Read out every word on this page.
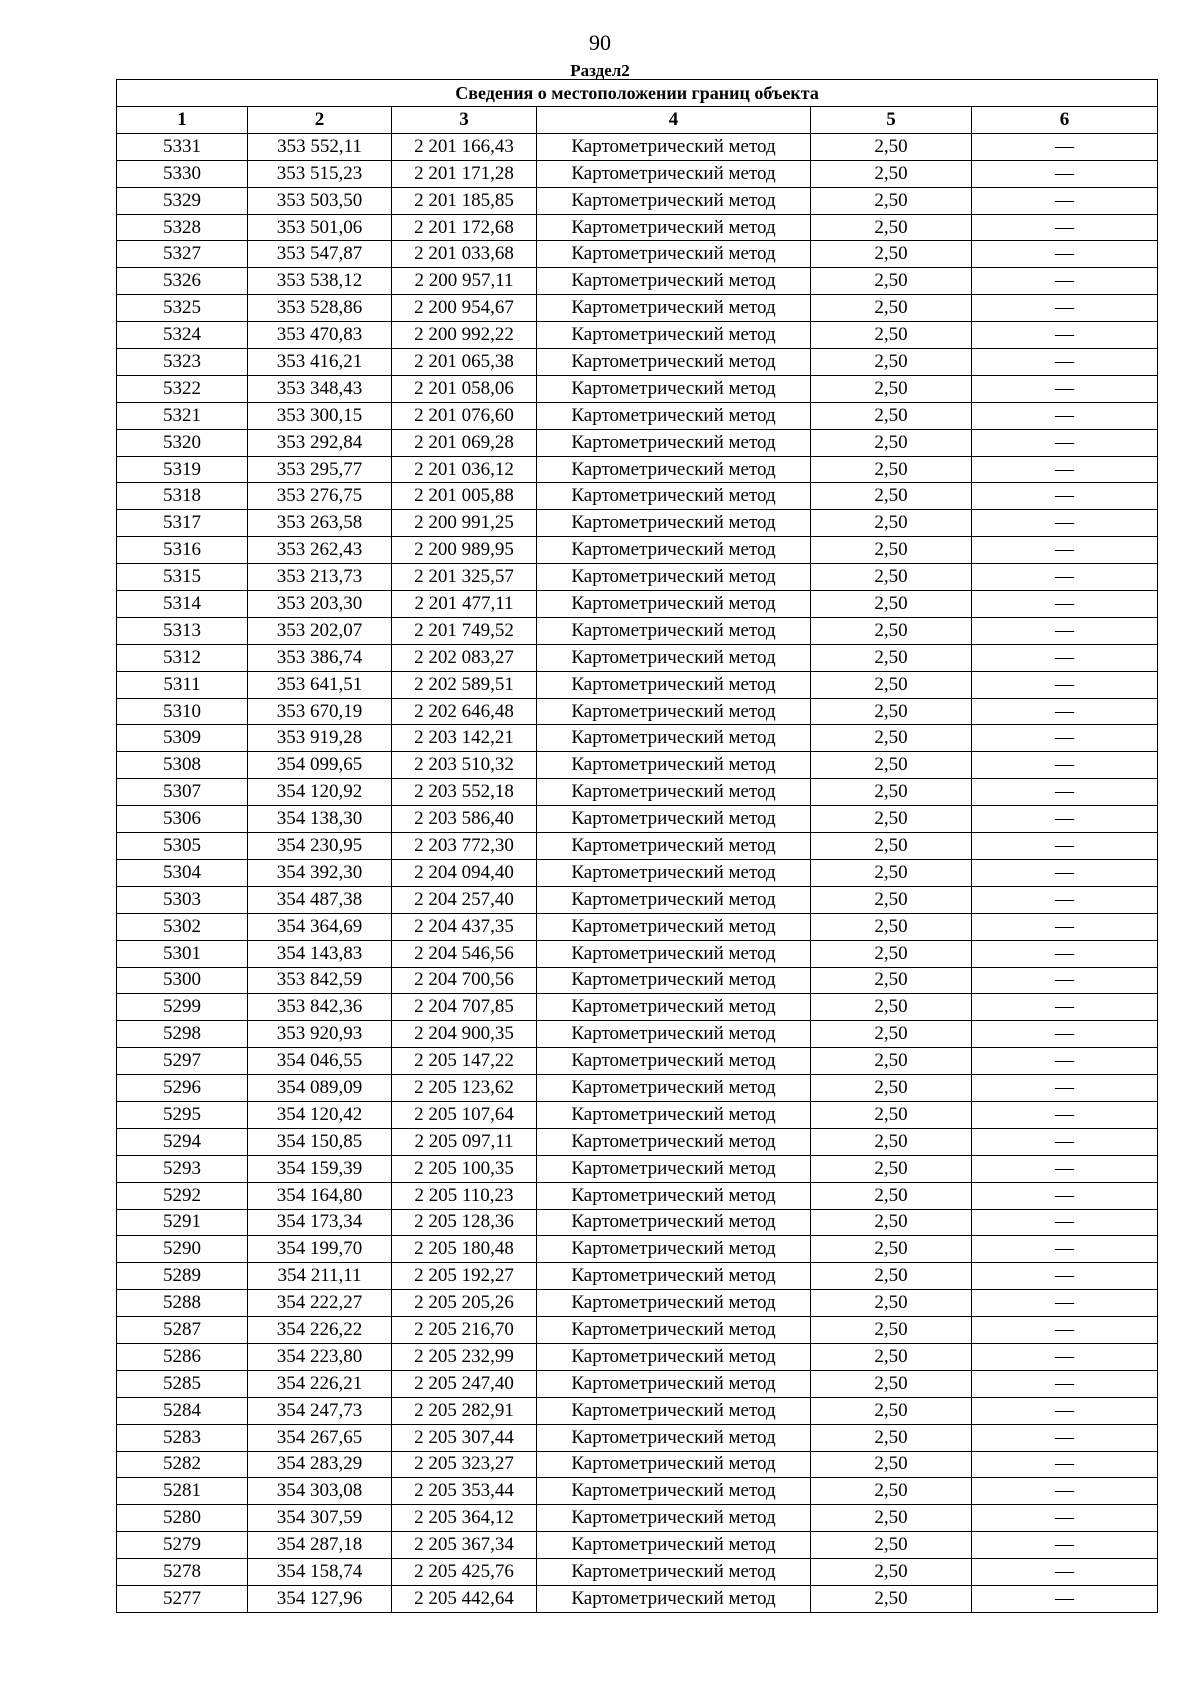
90
Раздел2
Сведения о местоположении границ объекта					
1	2	3	4	5	6
5331	353 552,11	2 201 166,43	Картометрический метод	2,50	—
5330	353 515,23	2 201 171,28	Картометрический метод	2,50	—
5329	353 503,50	2 201 185,85	Картометрический метод	2,50	—
5328	353 501,06	2 201 172,68	Картометрический метод	2,50	—
5327	353 547,87	2 201 033,68	Картометрический метод	2,50	—
5326	353 538,12	2 200 957,11	Картометрический метод	2,50	—
5325	353 528,86	2 200 954,67	Картометрический метод	2,50	—
5324	353 470,83	2 200 992,22	Картометрический метод	2,50	—
5323	353 416,21	2 201 065,38	Картометрический метод	2,50	—
5322	353 348,43	2 201 058,06	Картометрический метод	2,50	—
5321	353 300,15	2 201 076,60	Картометрический метод	2,50	—
5320	353 292,84	2 201 069,28	Картометрический метод	2,50	—
5319	353 295,77	2 201 036,12	Картометрический метод	2,50	—
5318	353 276,75	2 201 005,88	Картометрический метод	2,50	—
5317	353 263,58	2 200 991,25	Картометрический метод	2,50	—
5316	353 262,43	2 200 989,95	Картометрический метод	2,50	—
5315	353 213,73	2 201 325,57	Картометрический метод	2,50	—
5314	353 203,30	2 201 477,11	Картометрический метод	2,50	—
5313	353 202,07	2 201 749,52	Картометрический метод	2,50	—
5312	353 386,74	2 202 083,27	Картометрический метод	2,50	—
5311	353 641,51	2 202 589,51	Картометрический метод	2,50	—
5310	353 670,19	2 202 646,48	Картометрический метод	2,50	—
5309	353 919,28	2 203 142,21	Картометрический метод	2,50	—
5308	354 099,65	2 203 510,32	Картометрический метод	2,50	—
5307	354 120,92	2 203 552,18	Картометрический метод	2,50	—
5306	354 138,30	2 203 586,40	Картометрический метод	2,50	—
5305	354 230,95	2 203 772,30	Картометрический метод	2,50	—
5304	354 392,30	2 204 094,40	Картометрический метод	2,50	—
5303	354 487,38	2 204 257,40	Картометрический метод	2,50	—
5302	354 364,69	2 204 437,35	Картометрический метод	2,50	—
5301	354 143,83	2 204 546,56	Картометрический метод	2,50	—
5300	353 842,59	2 204 700,56	Картометрический метод	2,50	—
5299	353 842,36	2 204 707,85	Картометрический метод	2,50	—
5298	353 920,93	2 204 900,35	Картометрический метод	2,50	—
5297	354 046,55	2 205 147,22	Картометрический метод	2,50	—
5296	354 089,09	2 205 123,62	Картометрический метод	2,50	—
5295	354 120,42	2 205 107,64	Картометрический метод	2,50	—
5294	354 150,85	2 205 097,11	Картометрический метод	2,50	—
5293	354 159,39	2 205 100,35	Картометрический метод	2,50	—
5292	354 164,80	2 205 110,23	Картометрический метод	2,50	—
5291	354 173,34	2 205 128,36	Картометрический метод	2,50	—
5290	354 199,70	2 205 180,48	Картометрический метод	2,50	—
5289	354 211,11	2 205 192,27	Картометрический метод	2,50	—
5288	354 222,27	2 205 205,26	Картометрический метод	2,50	—
5287	354 226,22	2 205 216,70	Картометрический метод	2,50	—
5286	354 223,80	2 205 232,99	Картометрический метод	2,50	—
5285	354 226,21	2 205 247,40	Картометрический метод	2,50	—
5284	354 247,73	2 205 282,91	Картометрический метод	2,50	—
5283	354 267,65	2 205 307,44	Картометрический метод	2,50	—
5282	354 283,29	2 205 323,27	Картометрический метод	2,50	—
5281	354 303,08	2 205 353,44	Картометрический метод	2,50	—
5280	354 307,59	2 205 364,12	Картометрический метод	2,50	—
5279	354 287,18	2 205 367,34	Картометрический метод	2,50	—
5278	354 158,74	2 205 425,76	Картометрический метод	2,50	—
5277	354 127,96	2 205 442,64	Картометрический метод	2,50	—
